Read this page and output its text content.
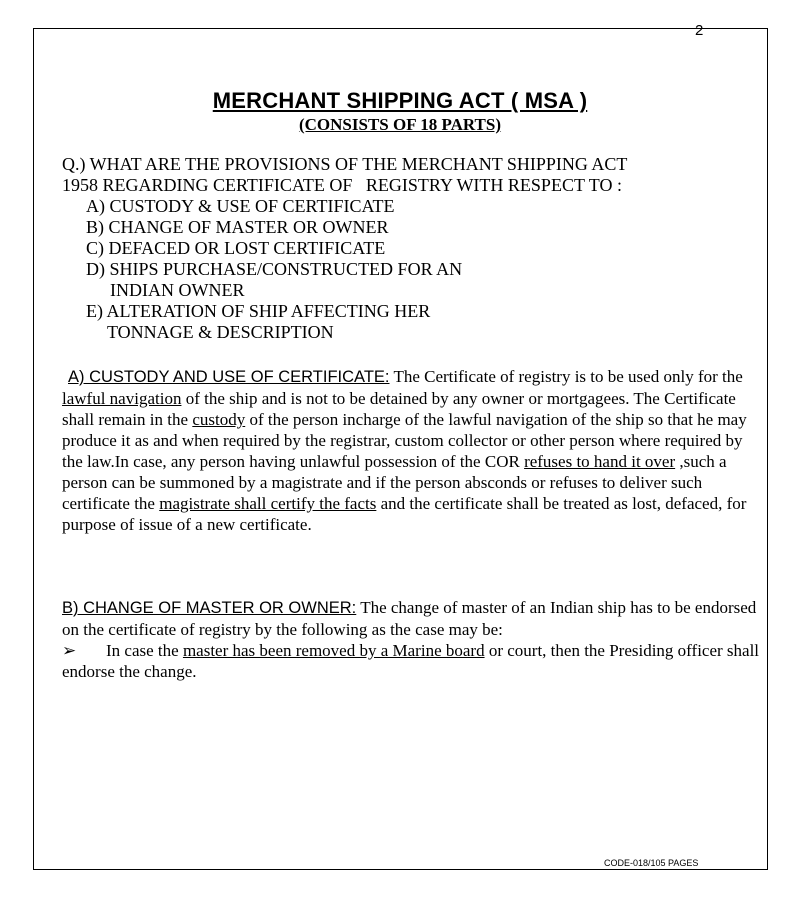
2
MERCHANT SHIPPING ACT ( MSA )
(CONSISTS OF 18 PARTS)
Q.) WHAT ARE THE PROVISIONS OF THE MERCHANT SHIPPING ACT
1958 REGARDING CERTIFICATE OF   REGISTRY WITH RESPECT TO :
A) CUSTODY & USE OF CERTIFICATE
B) CHANGE OF MASTER OR OWNER
C) DEFACED OR LOST CERTIFICATE
D) SHIPS PURCHASE/CONSTRUCTED FOR AN
INDIAN OWNER
E) ALTERATION OF SHIP AFFECTING HER
TONNAGE & DESCRIPTION
A) CUSTODY AND USE OF CERTIFICATE: The Certificate of registry is to be used only for the lawful navigation of the ship and is not to be detained by any owner or mortgagees. The Certificate shall remain in the custody of the person incharge of the lawful navigation of the ship so that he may produce it as and when required by the registrar, custom collector or other person where required by the law.In case, any person having unlawful possession of the COR refuses to hand it over ,such a person can be summoned by a magistrate and if the person absconds or refuses to deliver such certificate the magistrate shall certify the facts and the certificate shall be treated as lost, defaced, for purpose of issue of a new certificate.
B) CHANGE OF MASTER OR OWNER: The change of master of an Indian ship has to be endorsed on the certificate of registry by the following as the case may be:
➢ In case the master has been removed by a Marine board or court, then the Presiding officer shall endorse the change.
CODE-018/105 PAGES
